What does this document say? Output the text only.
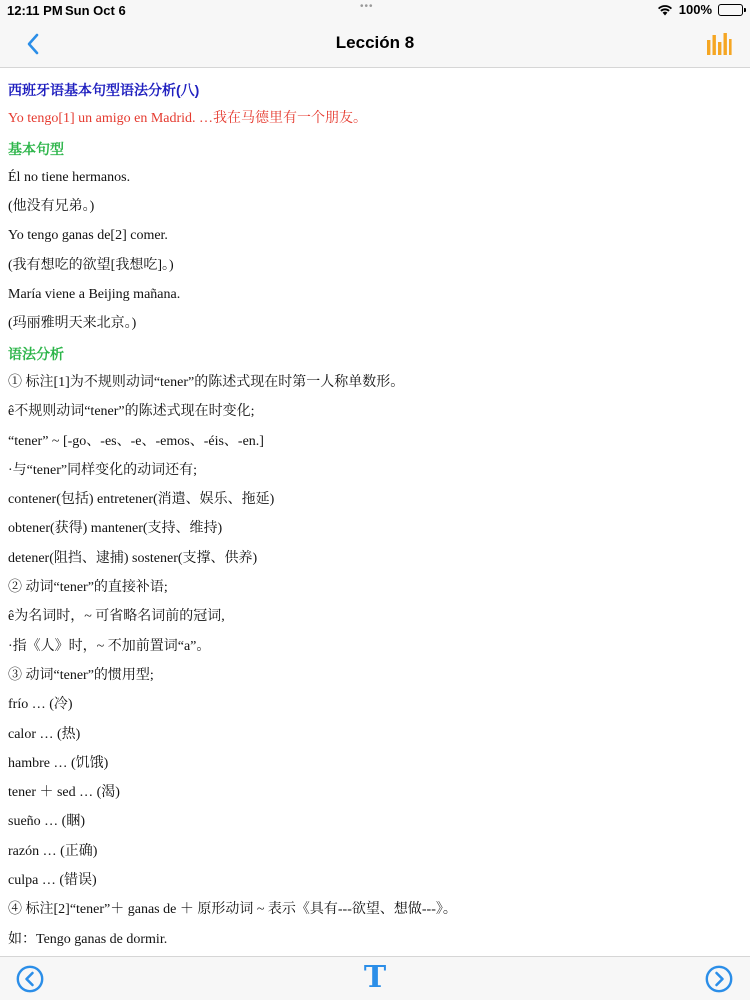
12:11 PM Sun Oct 6	•••	100%
Lección 8
西班牙语基本句型语法分析(八)
Yo tengo[1] un amigo en Madrid. …我在马德里有一个朋友。
基本句型
Él no tiene hermanos.
(他没有兄弟。)
Yo tengo ganas de[2] comer.
(我有想吃的欲望[我想吃]。)
María viene a Beijing mañana.
(玛丽雅明天来北京。)
语法分析
① 标注[1]为不规则动词“tener”的陈述式现在时第一人称单数形。
ê不规则动词“tener”的陈述式现在时变化;
“tener” ~ [-go、-es、-e、-emos、-éis、-en.]
·与“tener”同样变化的动词还有;
contener(包括) entretener(消遣、娱乐、拖延)
obtener(获得) mantener(支持、维持)
detener(阻挡、逮捕) sostener(支撑、供养)
② 动词“tener”的直接补语;
ê为名词时，~ 可省略名词前的冠词,
·指《人》时，~ 不加前置词“a”。
③ 动词“tener”的惯用型;
frío … (冷)
calor … (热)
hambre … (饥饿)
tener ＋ sed … (渴)
sueño … (睏)
razón … (正确)
culpa … (错误)
④ 标注[2]“tener”＋ ganas de ＋ 原形动词 ~ 表示《具有---欲望、想做---》。
如：Tengo ganas de dormir.
T
